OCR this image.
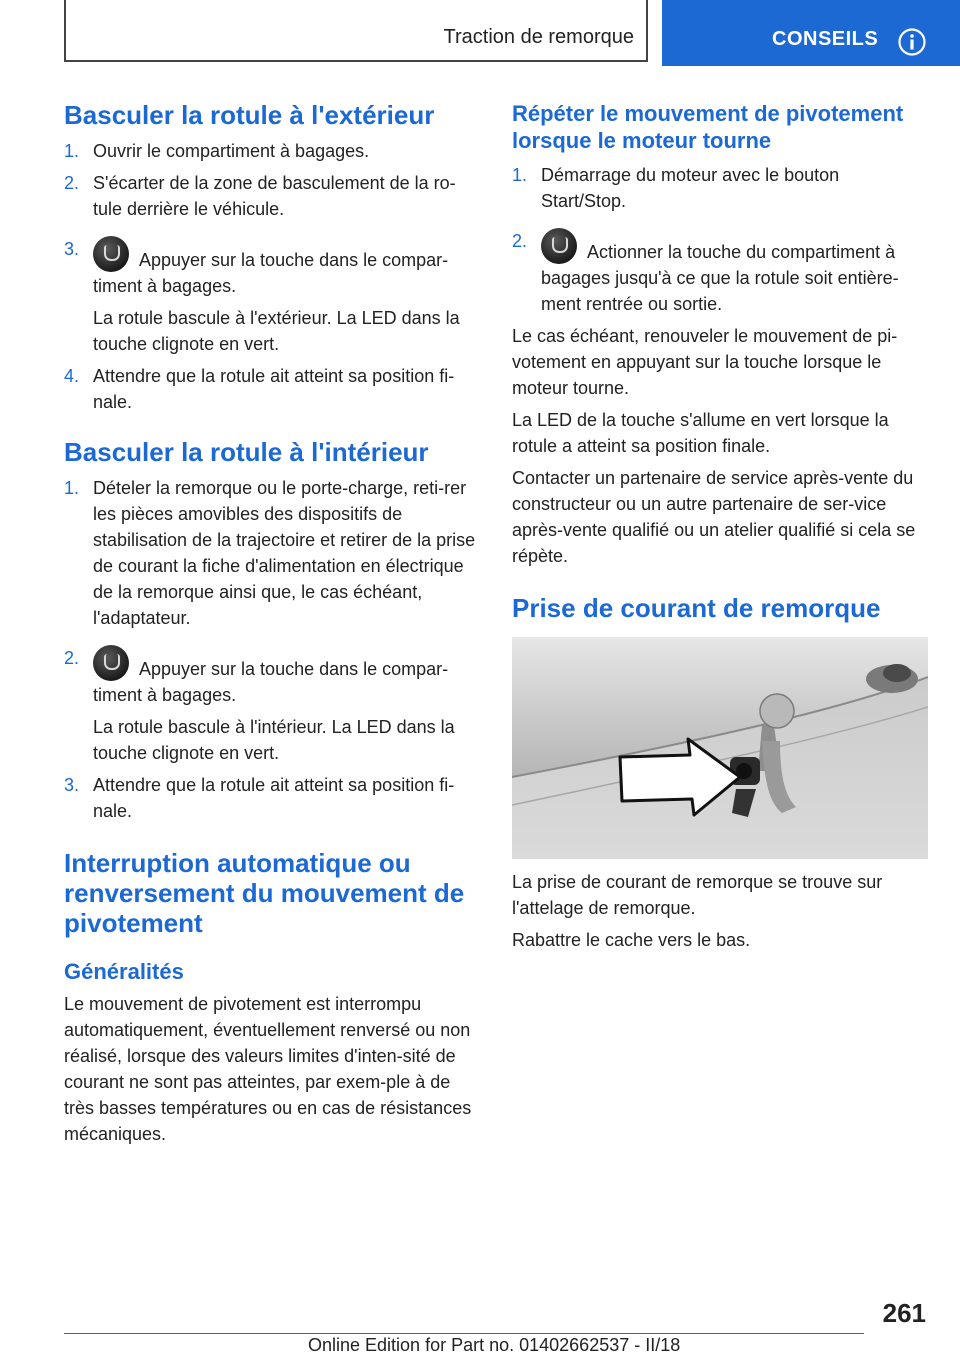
Traction de remorque	CONSEILS
Basculer la rotule à l'extérieur
1. Ouvrir le compartiment à bagages.
2. S'écarter de la zone de basculement de la ro-tule derrière le véhicule.
3.
Appuyer sur la touche dans le compar-timent à bagages.

La rotule bascule à l'extérieur. La LED dans la touche clignote en vert.

4. Attendre que la rotule ait atteint sa position fi-nale.
Basculer la rotule à l'intérieur
1. Dételer la remorque ou le porte-charge, reti-rer les pièces amovibles des dispositifs de stabilisation de la trajectoire et retirer de la prise de courant la fiche d'alimentation en électrique de la remorque ainsi que, le cas échéant, l'adaptateur.
2.
Appuyer sur la touche dans le compar-timent à bagages.

La rotule bascule à l'intérieur. La LED dans la touche clignote en vert.

3. Attendre que la rotule ait atteint sa position fi-nale.
Interruption automatique ou renversement du mouvement de pivotement
Généralités

Le mouvement de pivotement est interrompu automatiquement, éventuellement renversé ou non réalisé, lorsque des valeurs limites d'inten-sité de courant ne sont pas atteintes, par exem-ple à de très basses températures ou en cas de résistances mécaniques.

Répéter le mouvement de pivotement lorsque le moteur tourne
1. Démarrage du moteur avec le bouton Start/Stop.
2.
Actionner la touche du compartiment à bagages jusqu'à ce que la rotule soit entière-ment rentrée ou sortie.

Le cas échéant, renouveler le mouvement de pi-votement en appuyant sur la touche lorsque le moteur tourne.

La LED de la touche s'allume en vert lorsque la rotule a atteint sa position finale.

Contacter un partenaire de service après-vente du constructeur ou un autre partenaire de ser-vice après-vente qualifié ou un atelier qualifié si cela se répète.

Prise de courant de remorque

La prise de courant de remorque se trouve sur l'attelage de remorque.

Rabattre le cache vers le bas.

261
Online Edition for Part no. 01402662537 - II/18
